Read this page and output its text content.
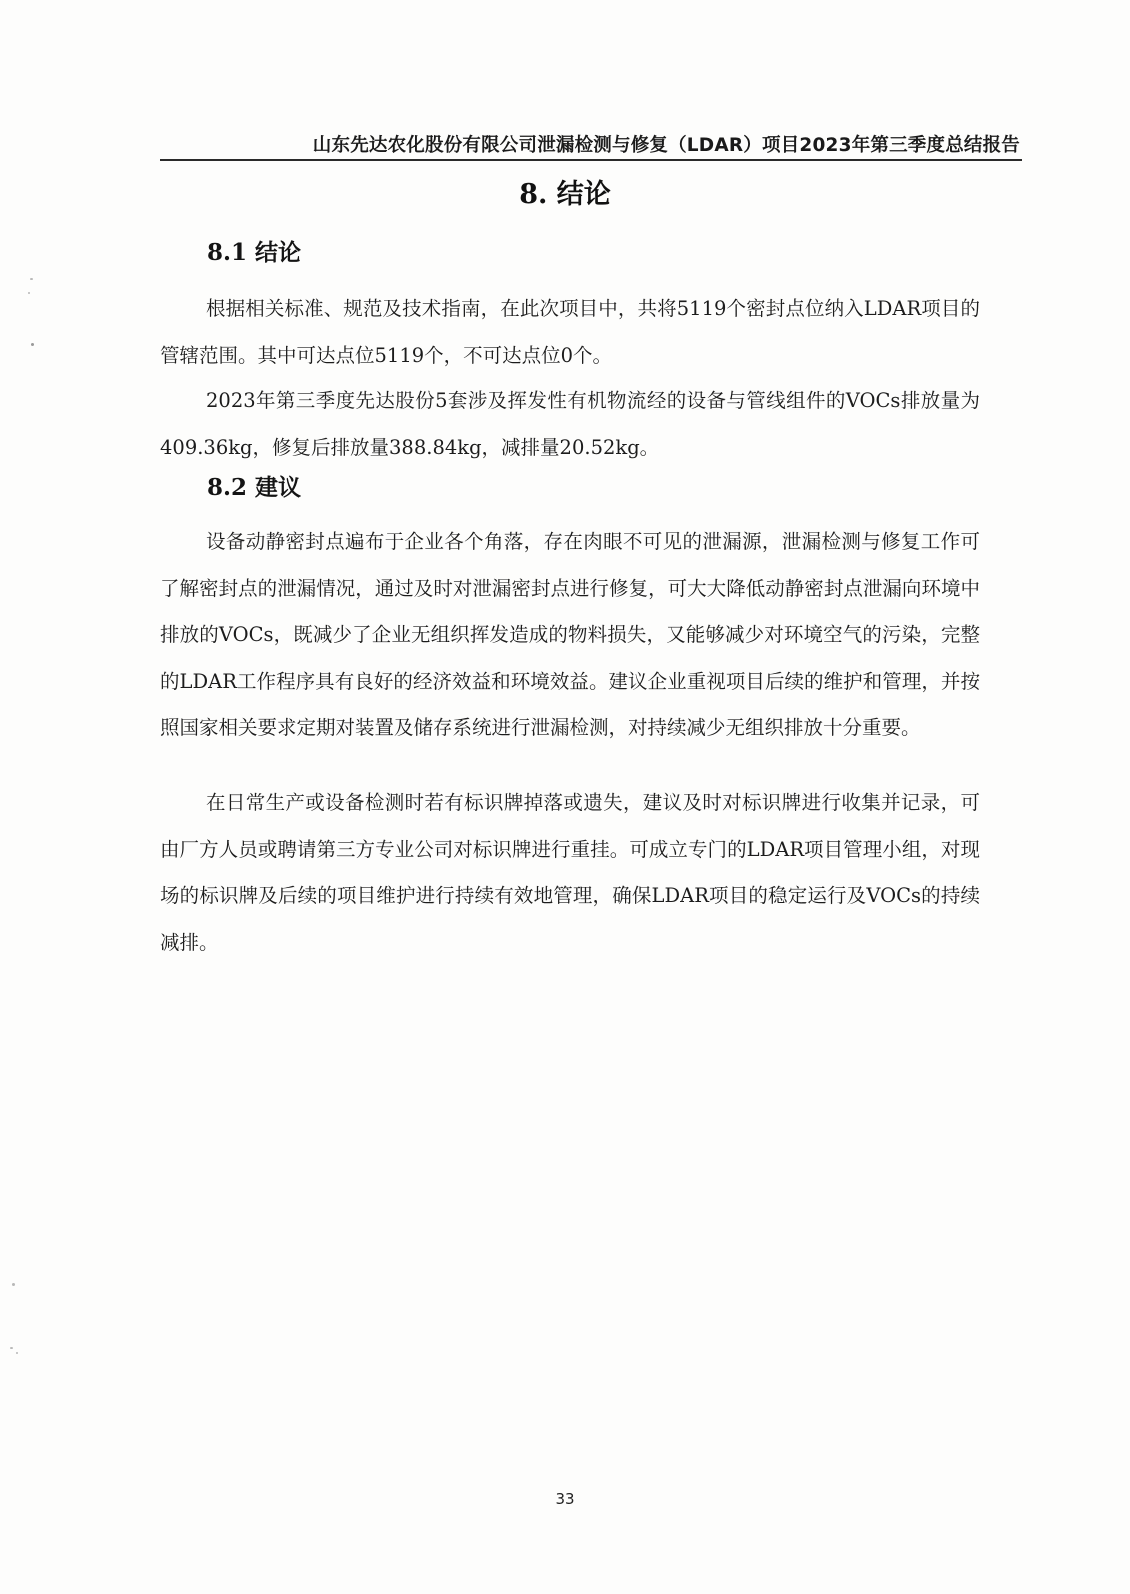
山东先达农化股份有限公司泄漏检测与修复（LDAR）项目2023年第三季度总结报告
8. 结论
8.1 结论

根据相关标准、规范及技术指南，在此次项目中，共将5119个密封点位纳入LDAR项目的管辖范围。其中可达点位5119个，不可达点位0个。

2023年第三季度先达股份5套涉及挥发性有机物流经的设备与管线组件的VOCs排放量为409.36kg，修复后排放量388.84kg，减排量20.52kg。

8.2 建议

设备动静密封点遍布于企业各个角落，存在肉眼不可见的泄漏源，泄漏检测与修复工作可了解密封点的泄漏情况，通过及时对泄漏密封点进行修复，可大大降低动静密封点泄漏向环境中排放的VOCs，既减少了企业无组织挥发造成的物料损失，又能够减少对环境空气的污染，完整的LDAR工作程序具有良好的经济效益和环境效益。建议企业重视项目后续的维护和管理，并按照国家相关要求定期对装置及储存系统进行泄漏检测，对持续减少无组织排放十分重要。

在日常生产或设备检测时若有标识牌掉落或遗失，建议及时对标识牌进行收集并记录，可由厂方人员或聘请第三方专业公司对标识牌进行重挂。可成立专门的LDAR项目管理小组，对现场的标识牌及后续的项目维护进行持续有效地管理，确保LDAR项目的稳定运行及VOCs的持续减排。

33
